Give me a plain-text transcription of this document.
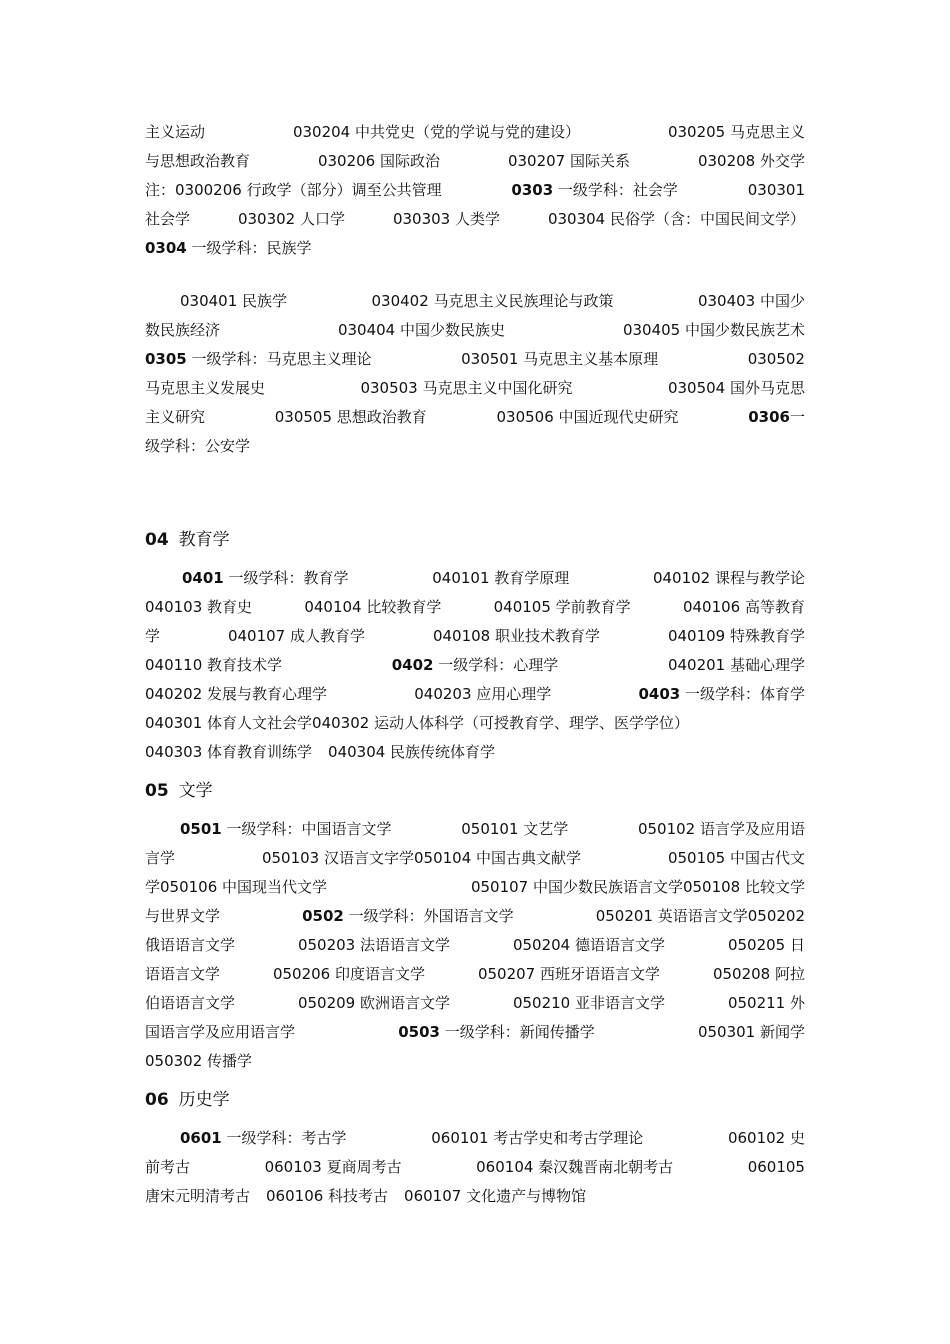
主义运动	030204 中共党史（党的学说与党的建设）	030205 马克思主义
与思想政治教育	030206 国际政治	030207 国际关系	030208 外交学
注：0300206 行政学（部分）调至公共管理	0303 一级学科：社会学	030301
社会学	030302 人口学	030303 人类学	030304 民俗学（含：中国民间文学）
0304 一级学科：民族学
030401 民族学	030402 马克思主义民族理论与政策	030403 中国少
数民族经济	030404 中国少数民族史	030405 中国少数民族艺术
0305 一级学科：马克思主义理论	030501 马克思主义基本原理	030502
马克思主义发展史	030503 马克思主义中国化研究	030504 国外马克思
主义研究	030505 思想政治教育	030506 中国近现代史研究	0306一
级学科：公安学
04 教育学
0401 一级学科：教育学	040101 教育学原理	040102 课程与教学论
040103 教育史	040104 比较教育学	040105 学前教育学	040106 高等教育
学	040107 成人教育学	040108 职业技术教育学	040109 特殊教育学
040110 教育技术学	0402 一级学科：心理学	040201 基础心理学
040202 发展与教育心理学	040203 应用心理学	0403 一级学科：体育学
040301 体育人文社会学040302 运动人体科学（可授教育学、理学、医学学位）
040303 体育教育训练学 040304 民族传统体育学
05 文学
0501 一级学科：中国语言文学	050101 文艺学	050102 语言学及应用语
言学	050103 汉语言文字学050104 中国古典文献学	050105 中国古代文
学050106 中国现当代文学	050107 中国少数民族语言文学050108 比较文学
与世界文学	0502 一级学科：外国语言文学	050201 英语语言文学050202
俄语语言文学	050203 法语语言文学	050204 德语语言文学	050205 日
语语言文学	050206 印度语言文学	050207 西班牙语语言文学	050208 阿拉
伯语语言文学	050209 欧洲语言文学	050210 亚非语言文学	050211 外
国语言学及应用语言学	0503 一级学科：新闻传播学	050301 新闻学
050302 传播学
06 历史学
0601 一级学科：考古学	060101 考古学史和考古学理论	060102 史
前考古	060103 夏商周考古	060104 秦汉魏晋南北朝考古	060105
唐宋元明清考古 060106 科技考古 060107 文化遗产与博物馆
